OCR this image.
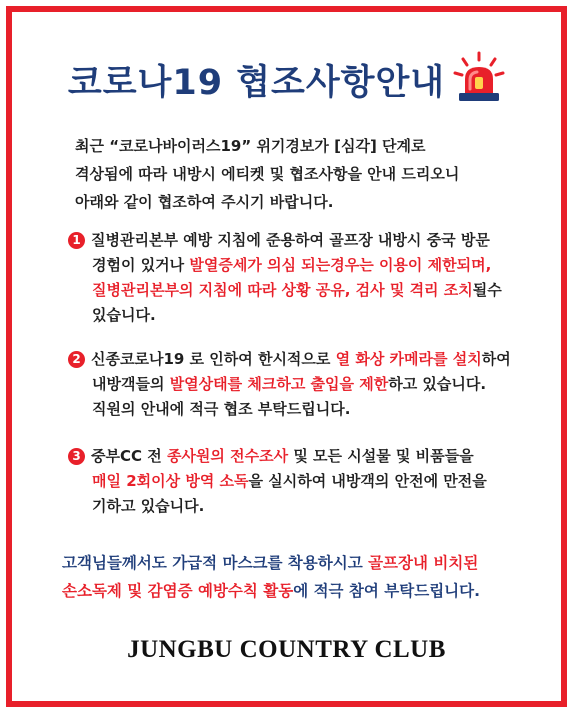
코로나19 협조사항안내
최근 “코로나바이러스19” 위기경보가 [심각] 단계로
격상됨에 따라 내방시 에티켓 및 협조사항을 안내 드리오니
아래와 같이 협조하여 주시기 바랍니다.
1 질병관리본부 예방 지침에 준용하여 골프장 내방시 중국 방문
경험이 있거나 발열증세가 의심 되는경우는 이용이 제한되며,
질병관리본부의 지침에 따라 상황 공유, 검사 및 격리 조치될수
있습니다.
2 신종코로나19 로 인하여 한시적으로 열 화상 카메라를 설치하여
내방객들의 발열상태를 체크하고 출입을 제한하고 있습니다.
직원의 안내에 적극 협조 부탁드립니다.
3 중부CC 전 종사원의 전수조사 및 모든 시설물 및 비품들을
매일 2회이상 방역 소독을 실시하여 내방객의 안전에 만전을
기하고 있습니다.
고객님들께서도 가급적 마스크를 착용하시고 골프장내 비치된
손소독제 및 감염증 예방수칙 활동에 적극 참여 부탁드립니다.
JUNGBU COUNTRY CLUB
